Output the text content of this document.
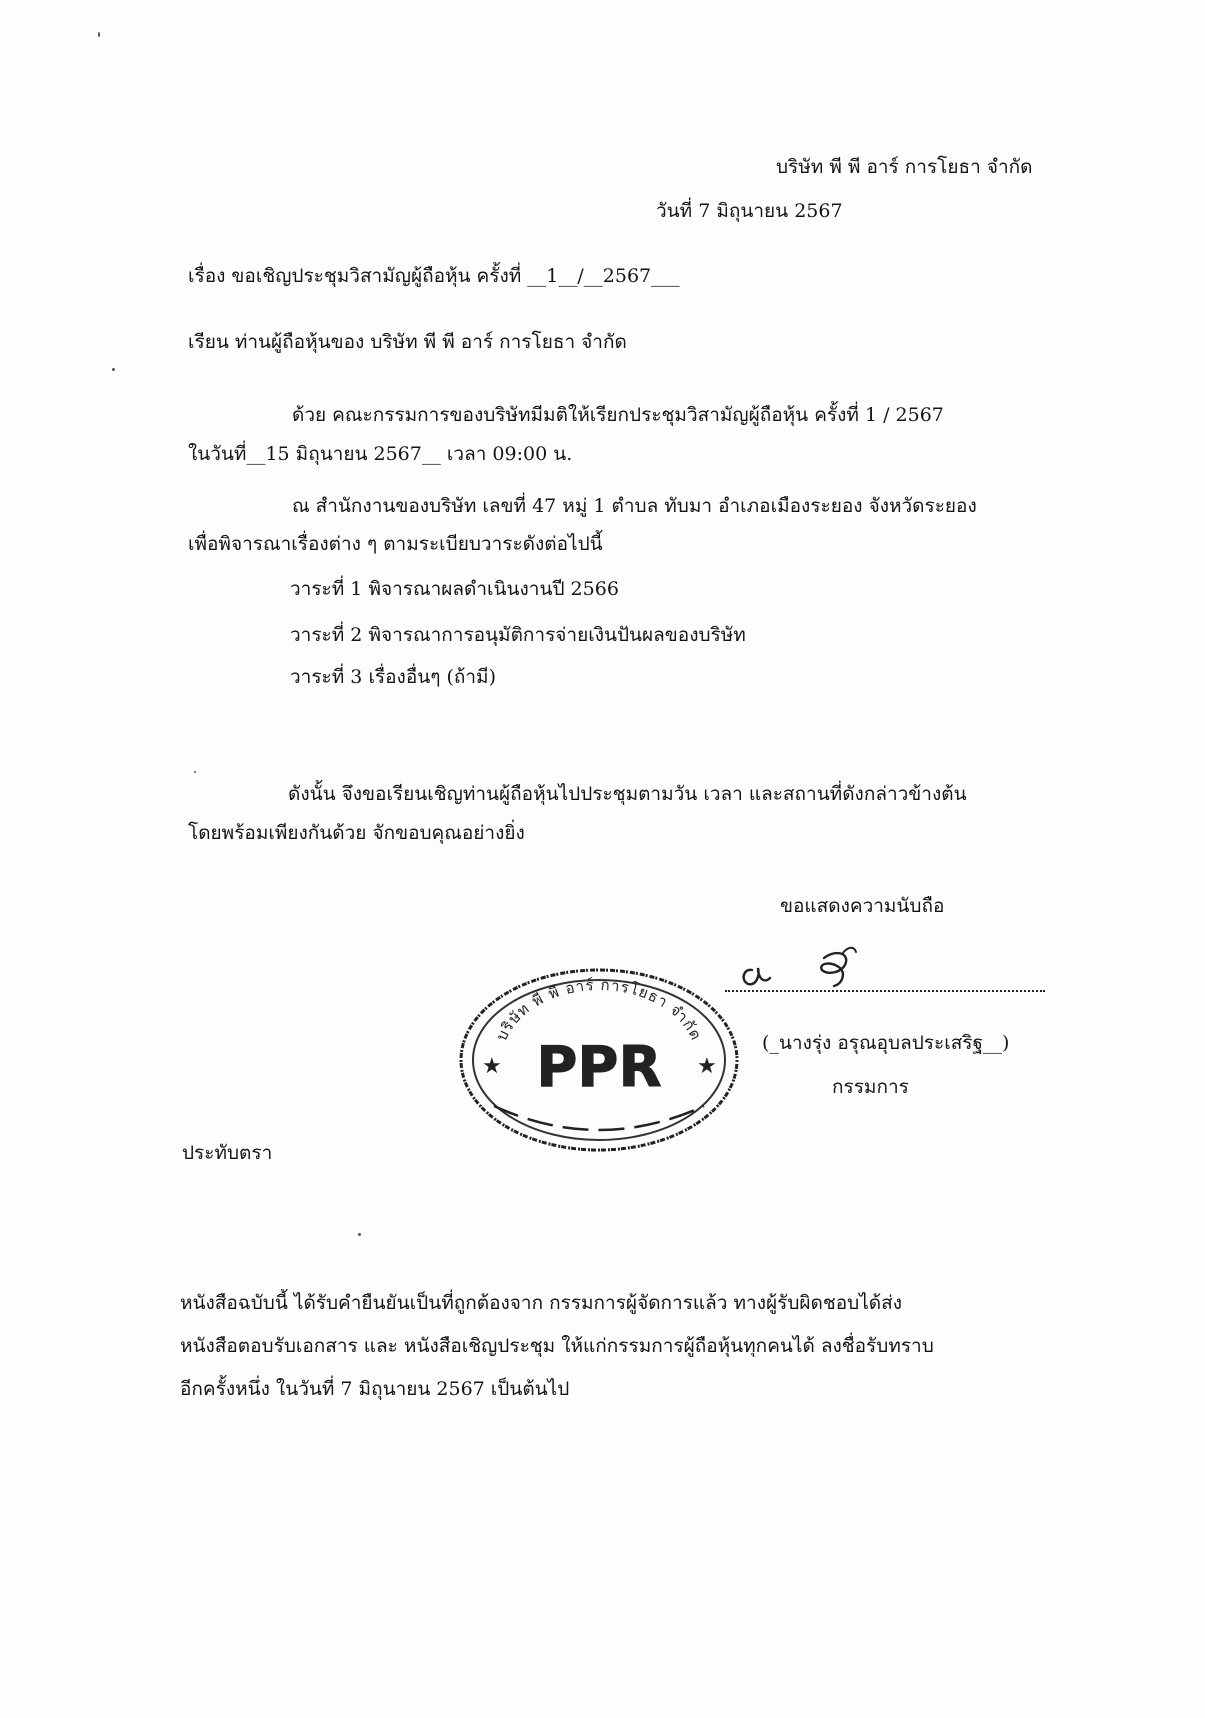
บริษัท พี พี อาร์ การโยธา จำกัด
วันที่ 7 มิถุนายน 2567
เรื่อง ขอเชิญประชุมวิสามัญผู้ถือหุ้น ครั้งที่ __1__/__2567___
เรียน ท่านผู้ถือหุ้นของ บริษัท พี พี อาร์ การโยธา จำกัด
ด้วย คณะกรรมการของบริษัทมีมติให้เรียกประชุมวิสามัญผู้ถือหุ้น ครั้งที่ 1 / 2567
ในวันที่__15 มิถุนายน 2567__ เวลา 09:00 น.
ณ สำนักงานของบริษัท เลขที่ 47 หมู่ 1 ตำบล ทับมา อำเภอเมืองระยอง จังหวัดระยอง
เพื่อพิจารณาเรื่องต่าง ๆ ตามระเบียบวาระดังต่อไปนี้
วาระที่ 1 พิจารณาผลดำเนินงานปี 2566
วาระที่ 2 พิจารณาการอนุมัติการจ่ายเงินปันผลของบริษัท
วาระที่ 3 เรื่องอื่นๆ (ถ้ามี)
ดังนั้น จึงขอเรียนเชิญท่านผู้ถือหุ้นไปประชุมตามวัน เวลา และสถานที่ดังกล่าวข้างต้น
โดยพร้อมเพียงกันด้วย จักขอบคุณอย่างยิ่ง
ขอแสดงความนับถือ
(_นางรุ่ง อรุณอุบลประเสริฐ__)
กรรมการ
บริษัท พี พี อาร์ การโยธา จำกัด
PPR
★	★
ประทับตรา
หนังสือฉบับนี้ ได้รับคำยืนยันเป็นที่ถูกต้องจาก กรรมการผู้จัดการแล้ว ทางผู้รับผิดชอบได้ส่ง
หนังสือตอบรับเอกสาร และ หนังสือเชิญประชุม ให้แก่กรรมการผู้ถือหุ้นทุกคนได้ ลงชื่อรับทราบ
อีกครั้งหนึ่ง ในวันที่ 7 มิถุนายน 2567 เป็นต้นไป
